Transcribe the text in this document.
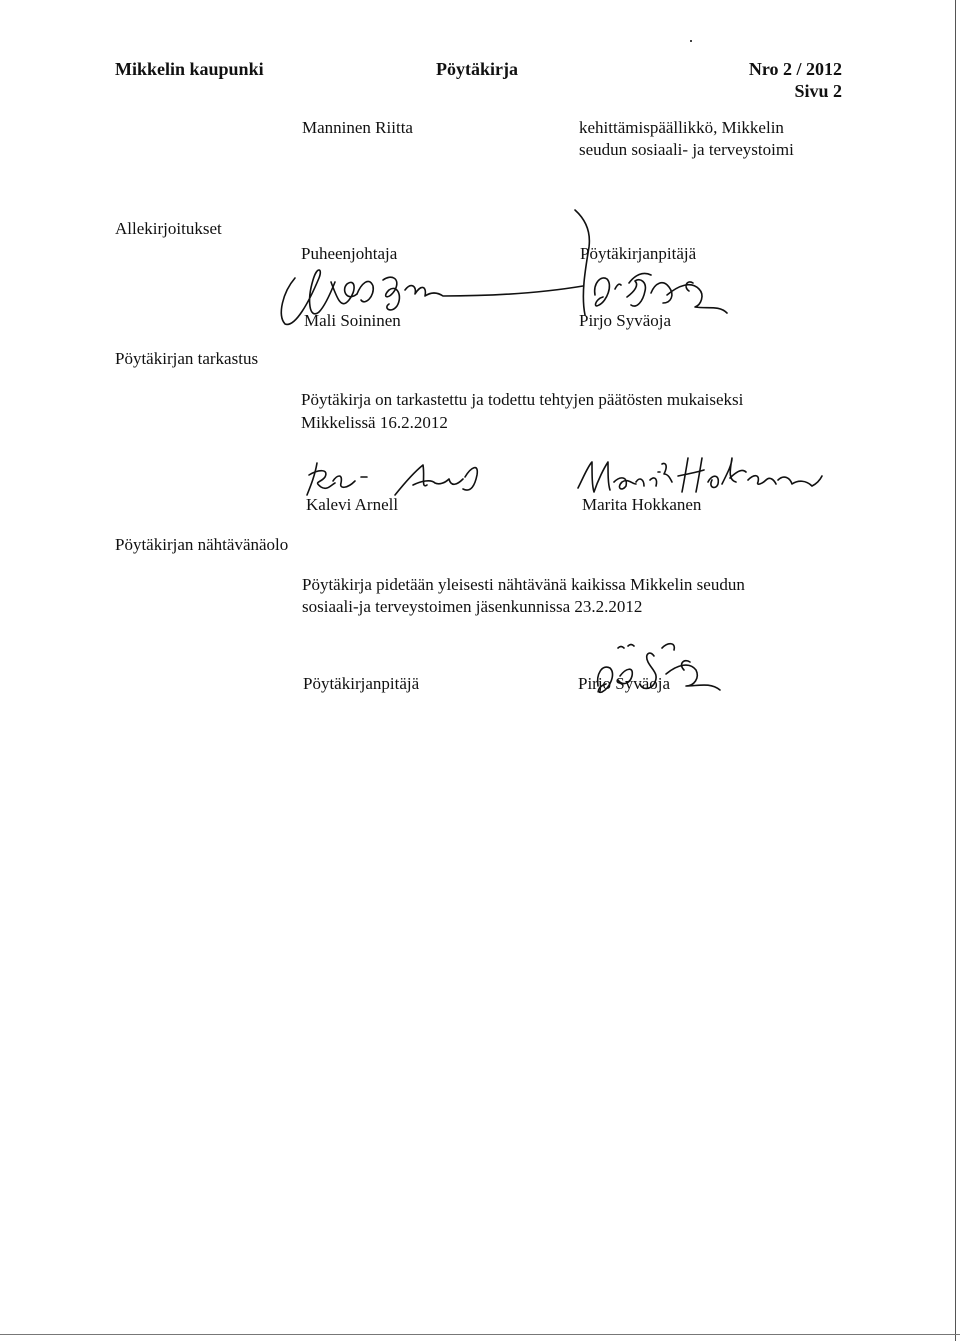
Mikkelin kaupunki	Pöytäkirja	Nro 2 / 2012
Sivu 2
Manninen Riitta	kehittämispäällikkö, Mikkelin
seudun sosiaali- ja terveystoimi
Allekirjoitukset
Puheenjohtaja
Mali Soininen
Pöytäkirjanpitäjä
Pirjo Syväoja
Pöytäkirjan tarkastus
Pöytäkirja on tarkastettu ja todettu tehtyjen päätösten mukaiseksi
Mikkelissä 16.2.2012
Kalevi Arnell	Marita Hokkanen
Pöytäkirjan nähtävänäolo
Pöytäkirja pidetään yleisesti nähtävänä kaikissa Mikkelin seudun
sosiaali-ja terveystoimen jäsenkunnissa 23.2.2012
Pöytäkirjanpitäjä	Pirjo Syväoja
